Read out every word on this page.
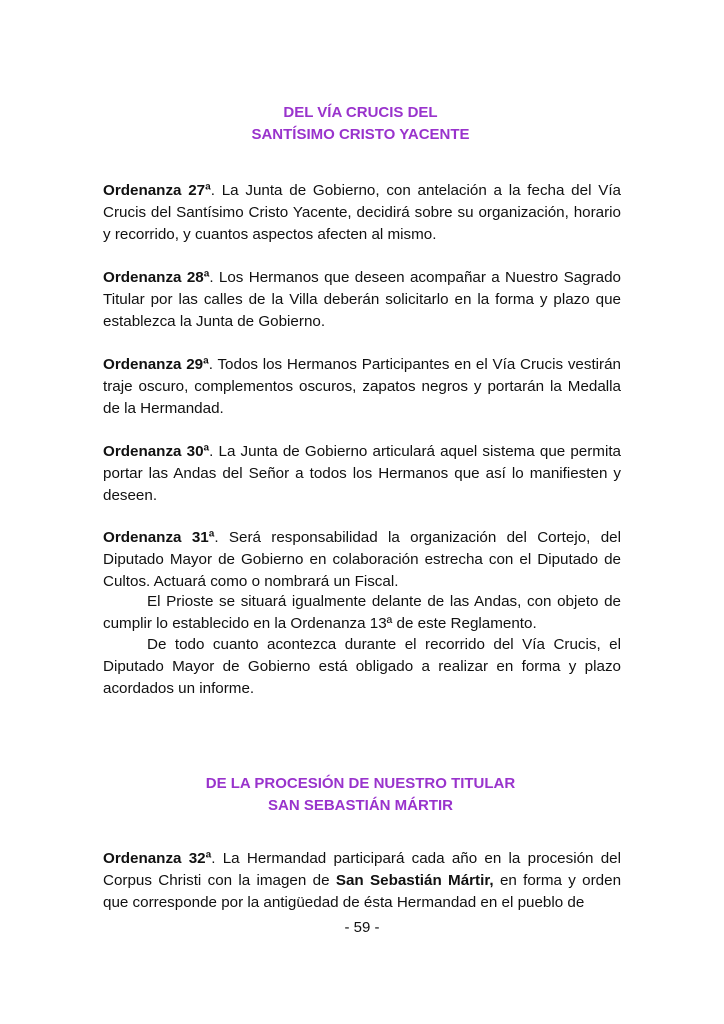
DEL VÍA CRUCIS DEL
SANTÍSIMO CRISTO YACENTE

Ordenanza 27ª. La Junta de Gobierno, con antelación a la fecha del Vía Crucis del Santísimo Cristo Yacente, decidirá sobre su organización, horario y recorrido, y cuantos aspectos afecten al mismo.

Ordenanza 28ª. Los Hermanos que deseen acompañar a Nuestro Sagrado Titular por las calles de la Villa deberán solicitarlo en la forma y plazo que establezca la Junta de Gobierno.

Ordenanza 29ª. Todos los Hermanos Participantes en el Vía Crucis vestirán traje oscuro, complementos oscuros, zapatos negros y portarán la Medalla de la Hermandad.

Ordenanza 30ª. La Junta de Gobierno articulará aquel sistema que permita portar las Andas del Señor a todos los Hermanos que así lo manifiesten y deseen.

Ordenanza 31ª. Será responsabilidad la organización del Cortejo, del Diputado Mayor de Gobierno en colaboración estrecha con el Diputado de Cultos. Actuará como o nombrará un Fiscal.

El Prioste se situará igualmente delante de las Andas, con objeto de cumplir lo establecido en la Ordenanza 13ª de este Reglamento.

De todo cuanto acontezca durante el recorrido del Vía Crucis, el Diputado Mayor de Gobierno está obligado a realizar en forma y plazo acordados un informe.

DE LA PROCESIÓN DE NUESTRO TITULAR
SAN SEBASTIÁN MÁRTIR

Ordenanza 32ª. La Hermandad participará cada año en la procesión del Corpus Christi con la imagen de San Sebastián Mártir, en forma y orden que corresponde por la antigüedad de ésta Hermandad en el pueblo de

- 59 -
